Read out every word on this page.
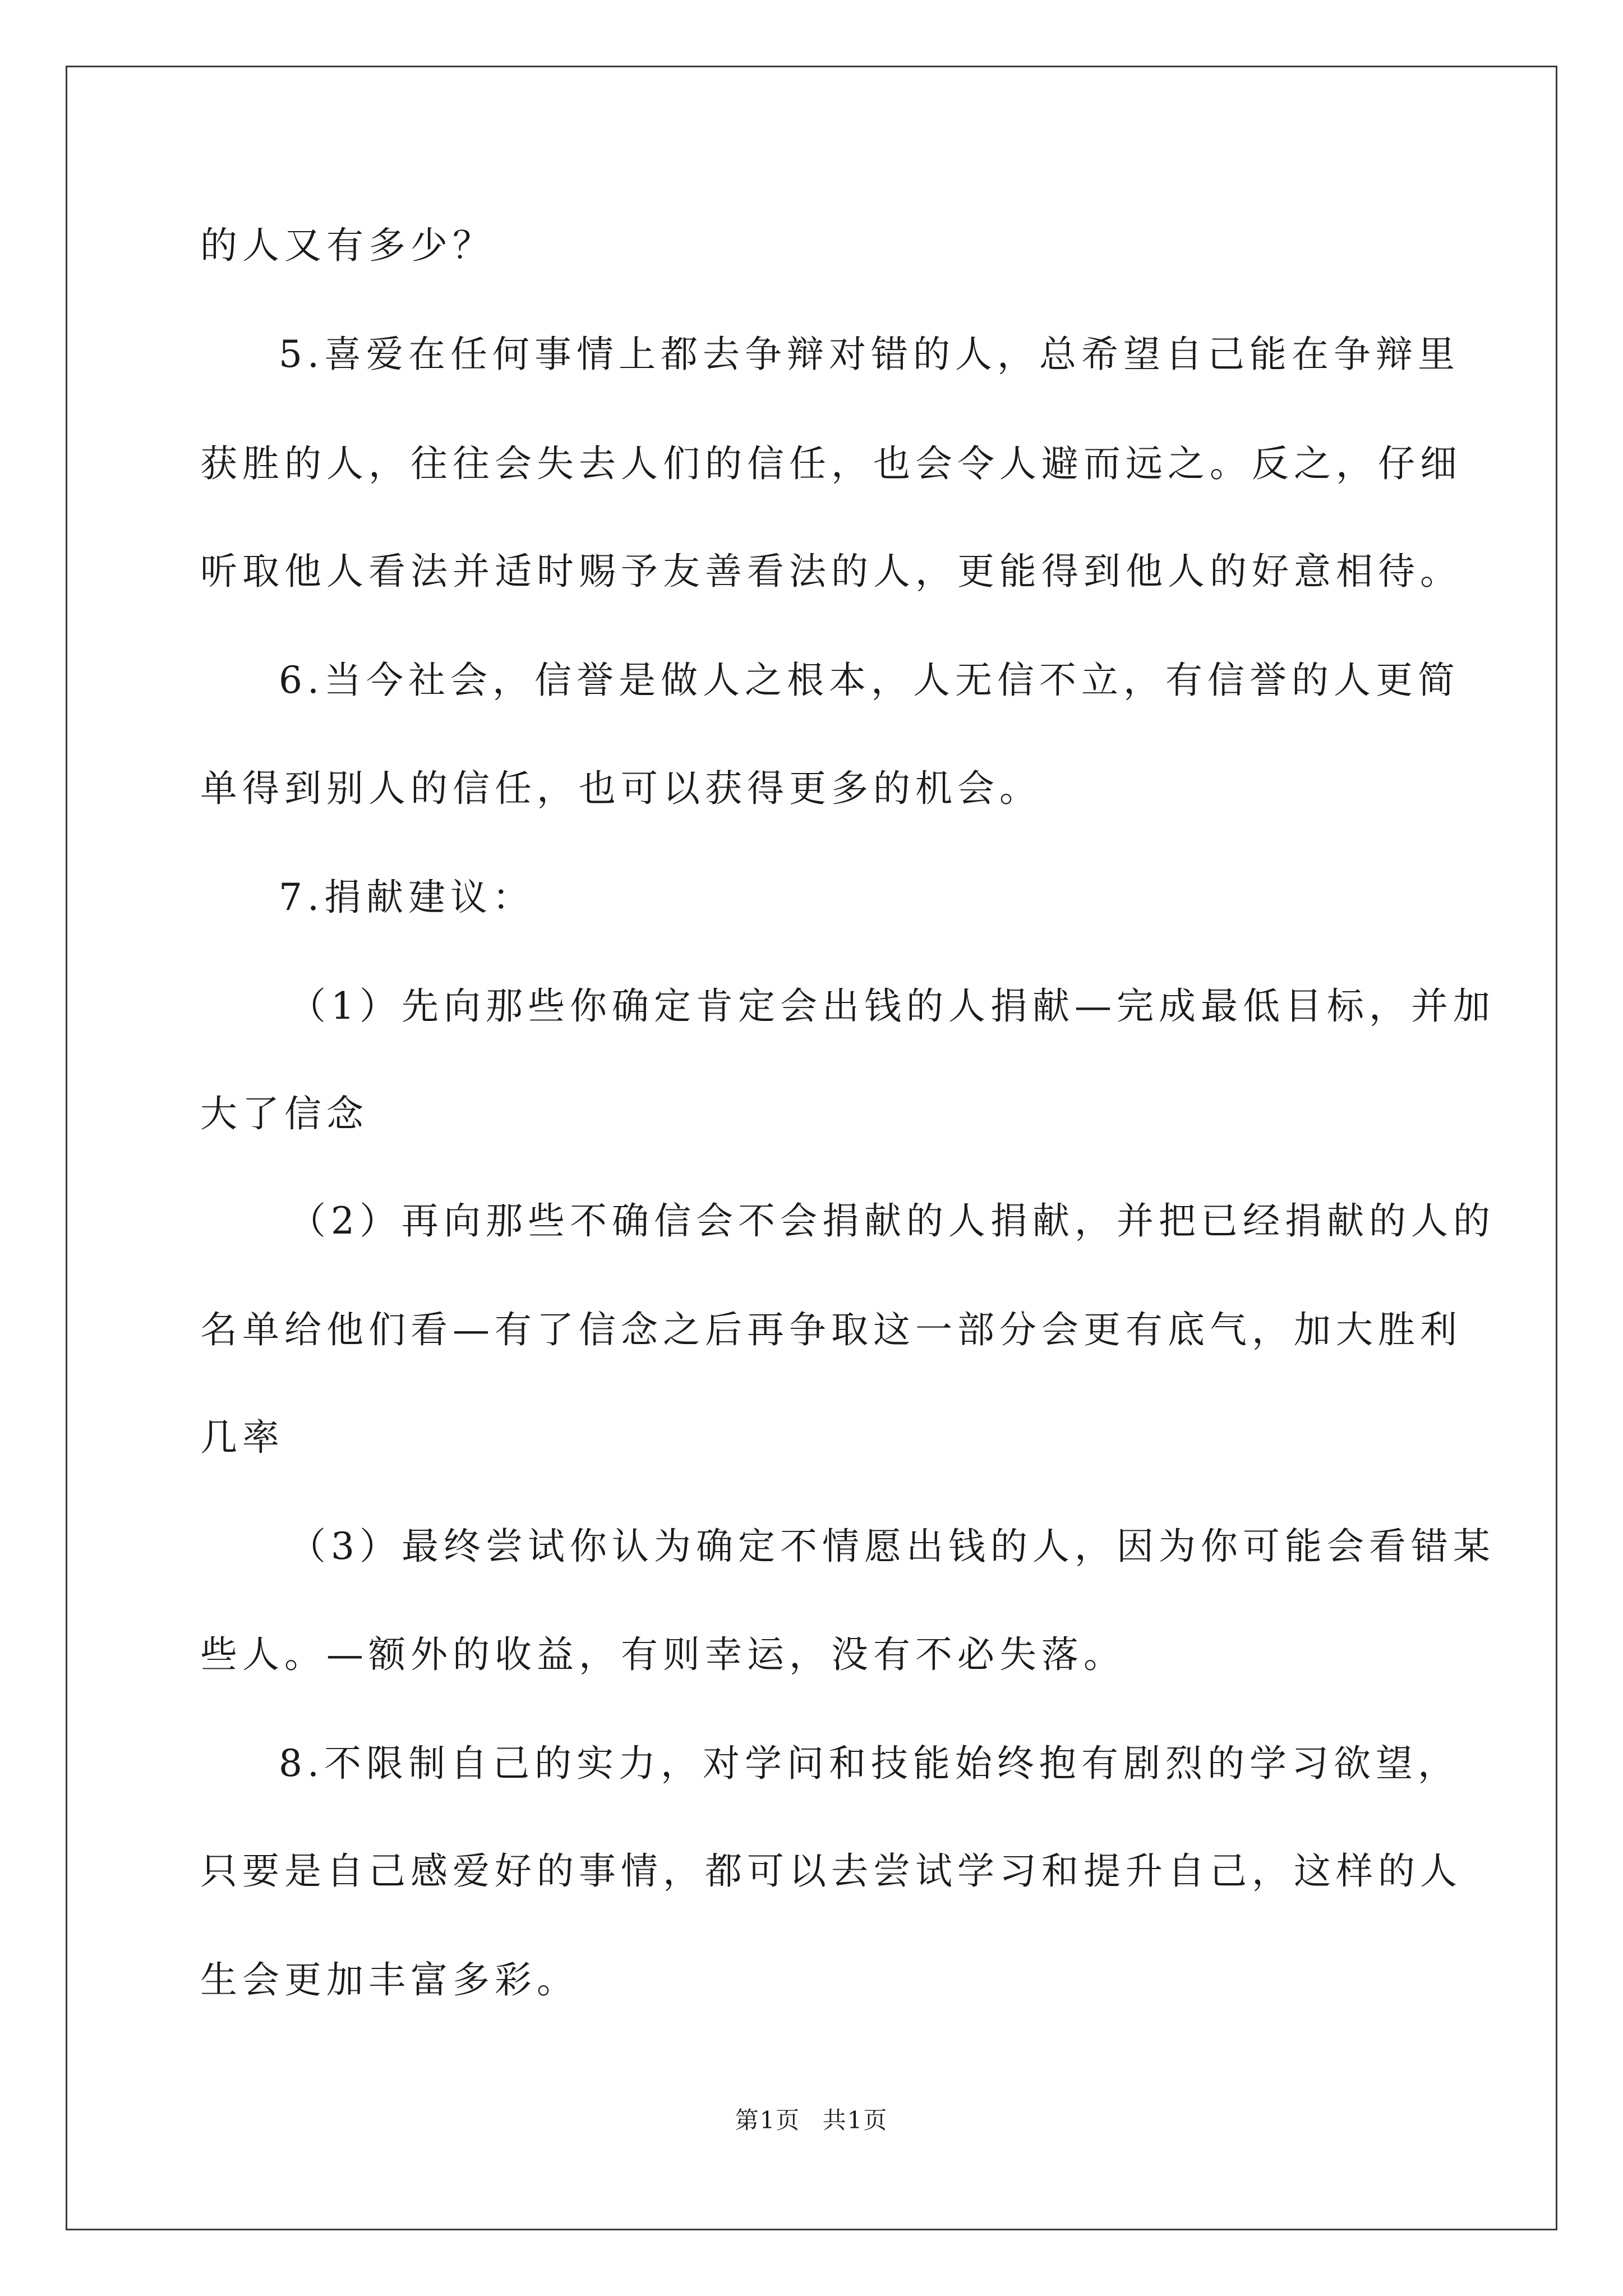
的人又有多少？
5.喜爱在任何事情上都去争辩对错的人，总希望自己能在争辩里
获胜的人，往往会失去人们的信任，也会令人避而远之。反之，仔细
听取他人看法并适时赐予友善看法的人，更能得到他人的好意相待。
6.当今社会，信誉是做人之根本，人无信不立，有信誉的人更简
单得到别人的信任，也可以获得更多的机会。
7.捐献建议：
（1）先向那些你确定肯定会出钱的人捐献—完成最低目标，并加
大了信念
（2）再向那些不确信会不会捐献的人捐献，并把已经捐献的人的
名单给他们看—有了信念之后再争取这一部分会更有底气，加大胜利
几率
（3）最终尝试你认为确定不情愿出钱的人，因为你可能会看错某
些人。—额外的收益，有则幸运，没有不必失落。
8.不限制自己的实力，对学问和技能始终抱有剧烈的学习欲望，
只要是自己感爱好的事情，都可以去尝试学习和提升自己，这样的人
生会更加丰富多彩。
第1页 共1页
